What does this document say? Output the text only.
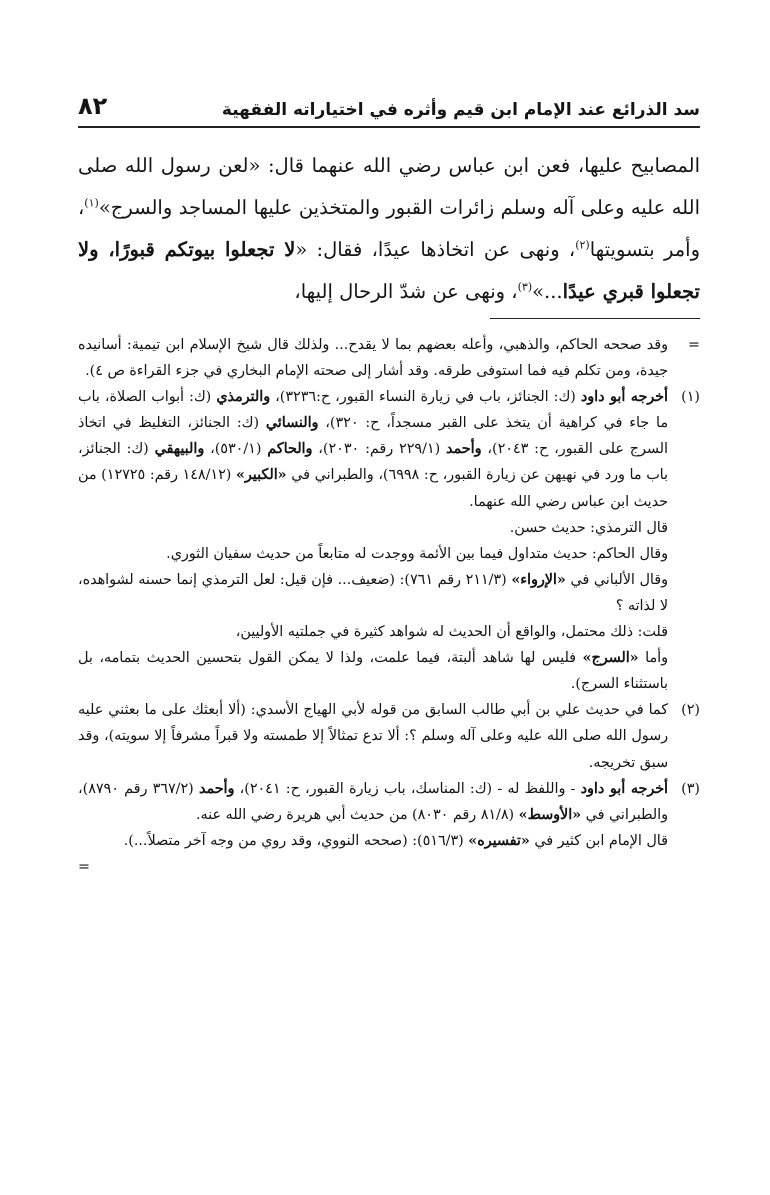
سد الذرائع عند الإمام ابن قيم وأثره في اختياراته الفقهية
٨٢

المصابيح عليها، فعن ابن عباس رضي الله عنهما قال: «لعن رسول الله صلى الله عليه وعلى آله وسلم زائرات القبور والمتخذين عليها المساجد والسرج»$^{(١)}$، وأمر بتسويتها$^{(٢)}$، ونهى عن اتخاذها عيدًا، فقال: «لا تجعلوا بيوتكم قبورًا، ولا تجعلوا قبري عيدًا...»$^{(٣)}$، ونهى عن شدّ الرحال إليها،

=
وقد صححه الحاكم، والذهبي، وأعله بعضهم بما لا يقدح... ولذلك قال شيخ الإسلام ابن تيمية: أسانيده جيدة، ومن تكلم فيه فما استوفى طرقه. وقد أشار إلى صحته الإمام البخاري في جزء القراءة ص ٤).
(١)
أخرجه أبو داود (ك: الجنائز، باب في زيارة النساء القبور، ح:٣٢٣٦)، والترمذي (ك: أبواب الصلاة، باب ما جاء في كراهية أن يتخذ على القبر مسجداً، ح: ٣٢٠)، والنسائي (ك: الجنائز، التغليظ في اتخاذ السرج على القبور، ح: ٢٠٤٣)، وأحمد (٢٢٩/١ رقم: ٢٠٣٠)، والحاكم (٥٣٠/١)، والبيهقي (ك: الجنائز، باب ما ورد في نهيهن عن زيارة القبور، ح: ٦٩٩٨)، والطبراني في «الكبير» (١٤٨/١٢ رقم: ١٢٧٢٥) من حديث ابن عباس رضي الله عنهما.
قال الترمذي: حديث حسن.
وقال الحاكم: حديث متداول فيما بين الأئمة ووجدت له متابعاً من حديث سفيان الثوري.
وقال الألباني في «الإرواء» (٢١١/٣ رقم ٧٦١): (ضعيف... فإن قيل: لعل الترمذي إنما حسنه لشواهده، لا لذاته ؟
قلت: ذلك محتمل، والواقع أن الحديث له شواهد كثيرة في جملتيه الأوليين،
وأما «السرج» فليس لها شاهد ألبتة، فيما علمت، ولذا لا يمكن القول بتحسين الحديث بتمامه، بل باستثناء السرج).
(٢)
كما في حديث علي بن أبي طالب السابق من قوله لأبي الهياج الأسدي: (ألا أبعثك على ما بعثني عليه رسول الله صلى الله عليه وعلى آله وسلم ؟: ألا تدع تمثالاً إلا طمسته ولا قبراً مشرفاً إلا سويته)، وقد سبق تخريجه.
(٣)
أخرجه أبو داود - واللفظ له - (ك: المناسك، باب زيارة القبور، ح: ٢٠٤١)، وأحمد (٣٦٧/٢ رقم ٨٧٩٠)، والطبراني في «الأوسط» (٨١/٨ رقم ٨٠٣٠) من حديث أبي هريرة رضي الله عنه.
قال الإمام ابن كثير في «تفسيره» (٥١٦/٣): (صححه النووي، وقد روي من وجه آخر متصلاً...).
=
